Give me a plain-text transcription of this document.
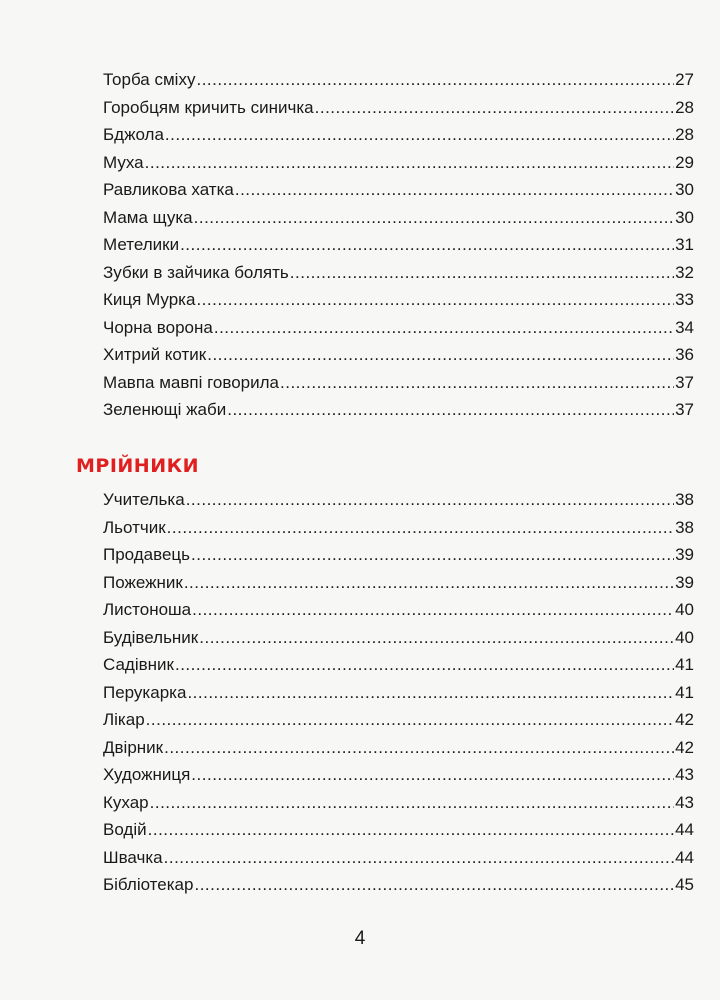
Торба сміху .....	27
Горобцям кричить синичка .....	28
Бджола .....	28
Муха .....	29
Равликова хатка .....	30
Мама щука .....	30
Метелики .....	31
Зубки в зайчика болять .....	32
Киця Мурка .....	33
Чорна ворона .....	34
Хитрий котик .....	36
Мавпа мавпі говорила .....	37
Зеленющі жаби .....	37
МРІЙНИКИ
Учителька .....	38
Льотчик .....	38
Продавець .....	39
Пожежник .....	39
Листоноша .....	40
Будівельник .....	40
Садівник .....	41
Перукарка .....	41
Лікар .....	42
Двірник .....	42
Художниця .....	43
Кухар .....	43
Водій .....	44
Швачка .....	44
Бібліотекар .....	45
4
